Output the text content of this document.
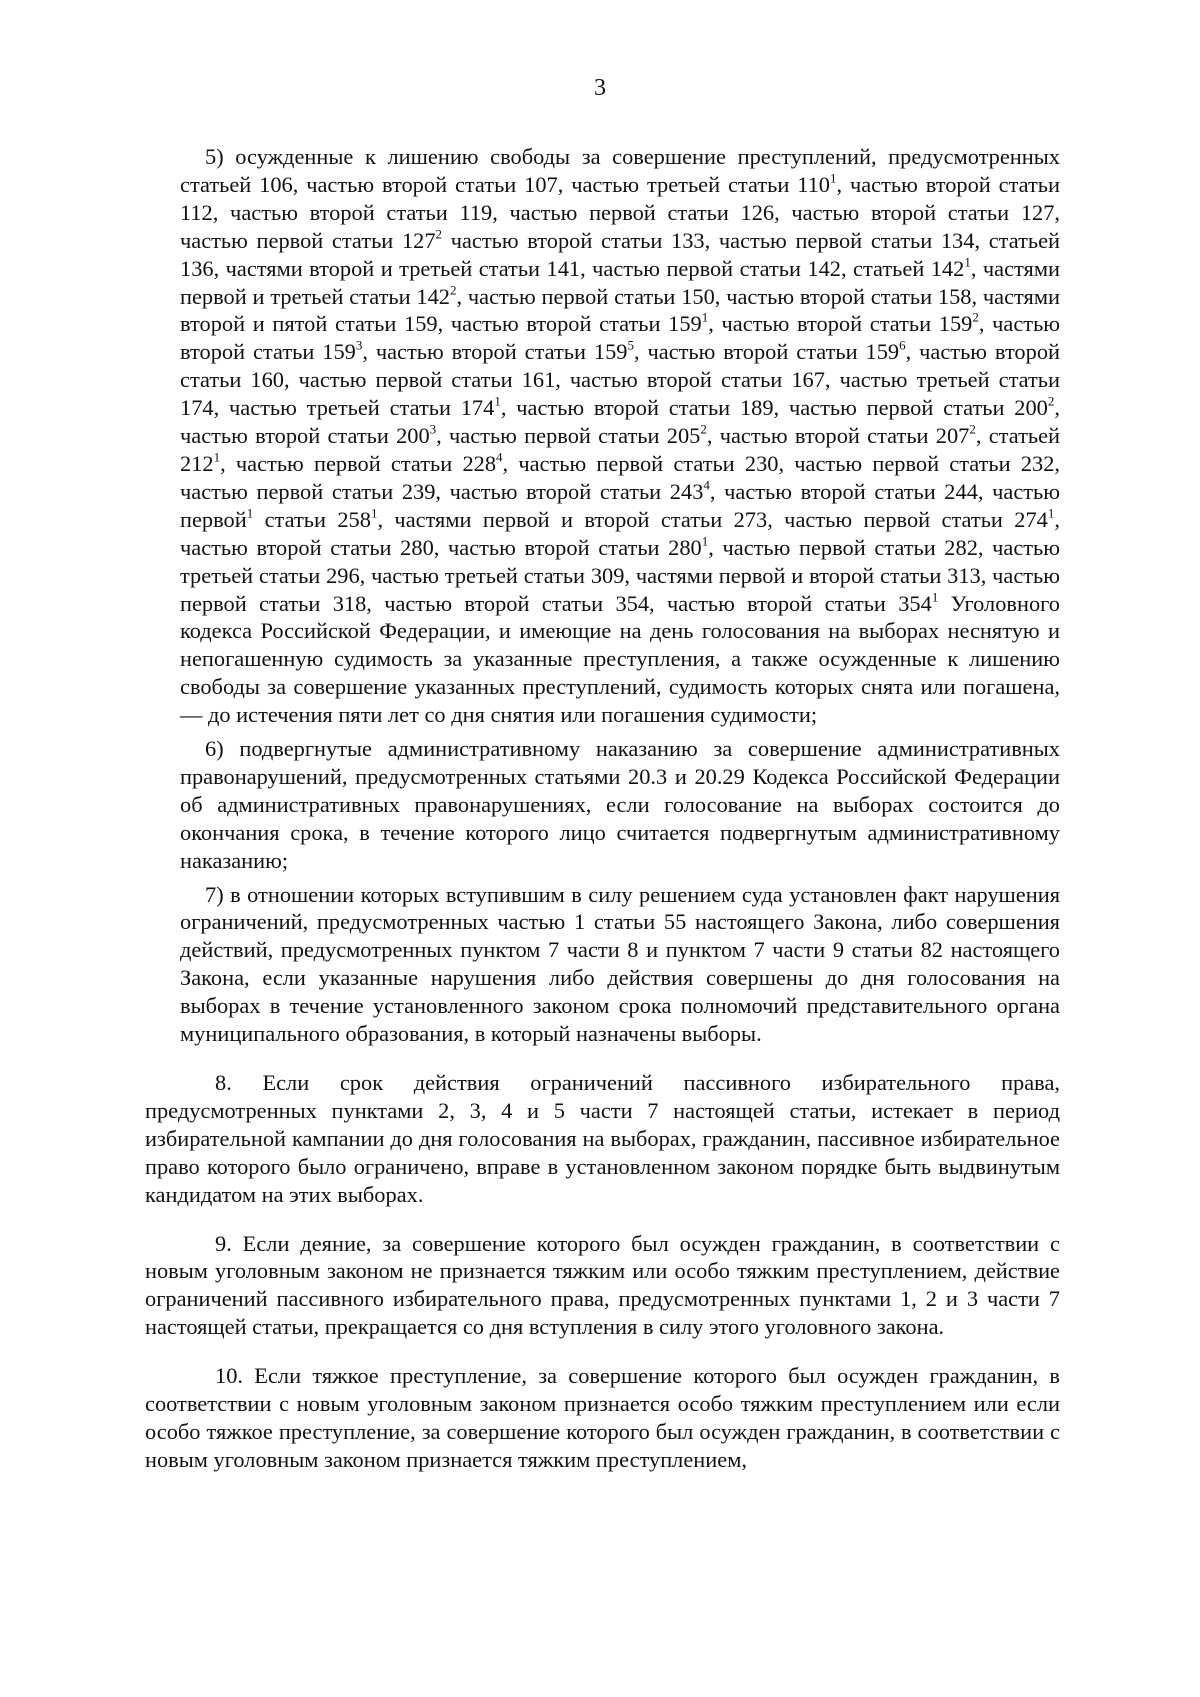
3

5) осужденные к лишению свободы за совершение преступлений, предусмотренных статьей 106, частью второй статьи 107, частью третьей статьи $110^1$, частью второй статьи 112, частью второй статьи 119, частью первой статьи 126, частью второй статьи 127, частью первой статьи $127^2$ частью второй статьи 133, частью первой статьи 134, статьей 136, частями второй и третьей статьи 141, частью первой статьи 142, статьей $142^1$, частями первой и третьей статьи $142^2$, частью первой статьи 150, частью второй статьи 158, частями второй и пятой статьи 159, частью второй статьи $159^1$, частью второй статьи $159^2$, частью второй статьи $159^3$, частью второй статьи $159^5$, частью второй статьи $159^6$, частью второй статьи 160, частью первой статьи 161, частью второй статьи 167, частью третьей статьи 174, частью третьей статьи $174^1$, частью второй статьи 189, частью первой статьи $200^2$, частью второй статьи $200^3$, частью первой статьи $205^2$, частью второй статьи $207^2$, статьей $212^1$, частью первой статьи $228^4$, частью первой статьи 230, частью первой статьи 232, частью первой статьи 239, частью второй статьи $243^4$, частью второй статьи 244, частью первой$^1$ статьи $258^1$, частями первой и второй статьи 273, частью первой статьи $274^1$, частью второй статьи 280, частью второй статьи $280^1$, частью первой статьи 282, частью третьей статьи 296, частью третьей статьи 309, частями первой и второй статьи 313, частью первой статьи 318, частью второй статьи 354, частью второй статьи $354^1$ Уголовного кодекса Российской Федерации, и имеющие на день голосования на выборах неснятую и непогашенную судимость за указанные преступления, а также осужденные к лишению свободы за совершение указанных преступлений, судимость которых снята или погашена, — до истечения пяти лет со дня снятия или погашения судимости;

6) подвергнутые административному наказанию за совершение административных правонарушений, предусмотренных статьями 20.3 и 20.29 Кодекса Российской Федерации об административных правонарушениях, если голосование на выборах состоится до окончания срока, в течение которого лицо считается подвергнутым административному наказанию;

7) в отношении которых вступившим в силу решением суда установлен факт нарушения ограничений, предусмотренных частью 1 статьи 55 настоящего Закона, либо совершения действий, предусмотренных пунктом 7 части 8 и пунктом 7 части 9 статьи 82 настоящего Закона, если указанные нарушения либо действия совершены до дня голосования на выборах в течение установленного законом срока полномочий представительного органа муниципального образования, в который назначены выборы.

8. Если срок действия ограничений пассивного избирательного права, предусмотренных пунктами 2, 3, 4 и 5 части 7 настоящей статьи, истекает в период избирательной кампании до дня голосования на выборах, гражданин, пассивное избирательное право которого было ограничено, вправе в установленном законом порядке быть выдвинутым кандидатом на этих выборах.

9. Если деяние, за совершение которого был осужден гражданин, в соответствии с новым уголовным законом не признается тяжким или особо тяжким преступлением, действие ограничений пассивного избирательного права, предусмотренных пунктами 1, 2 и 3 части 7 настоящей статьи, прекращается со дня вступления в силу этого уголовного закона.

10. Если тяжкое преступление, за совершение которого был осужден гражданин, в соответствии с новым уголовным законом признается особо тяжким преступлением или если особо тяжкое преступление, за совершение которого был осужден гражданин, в соответствии с новым уголовным законом признается тяжким преступлением,
